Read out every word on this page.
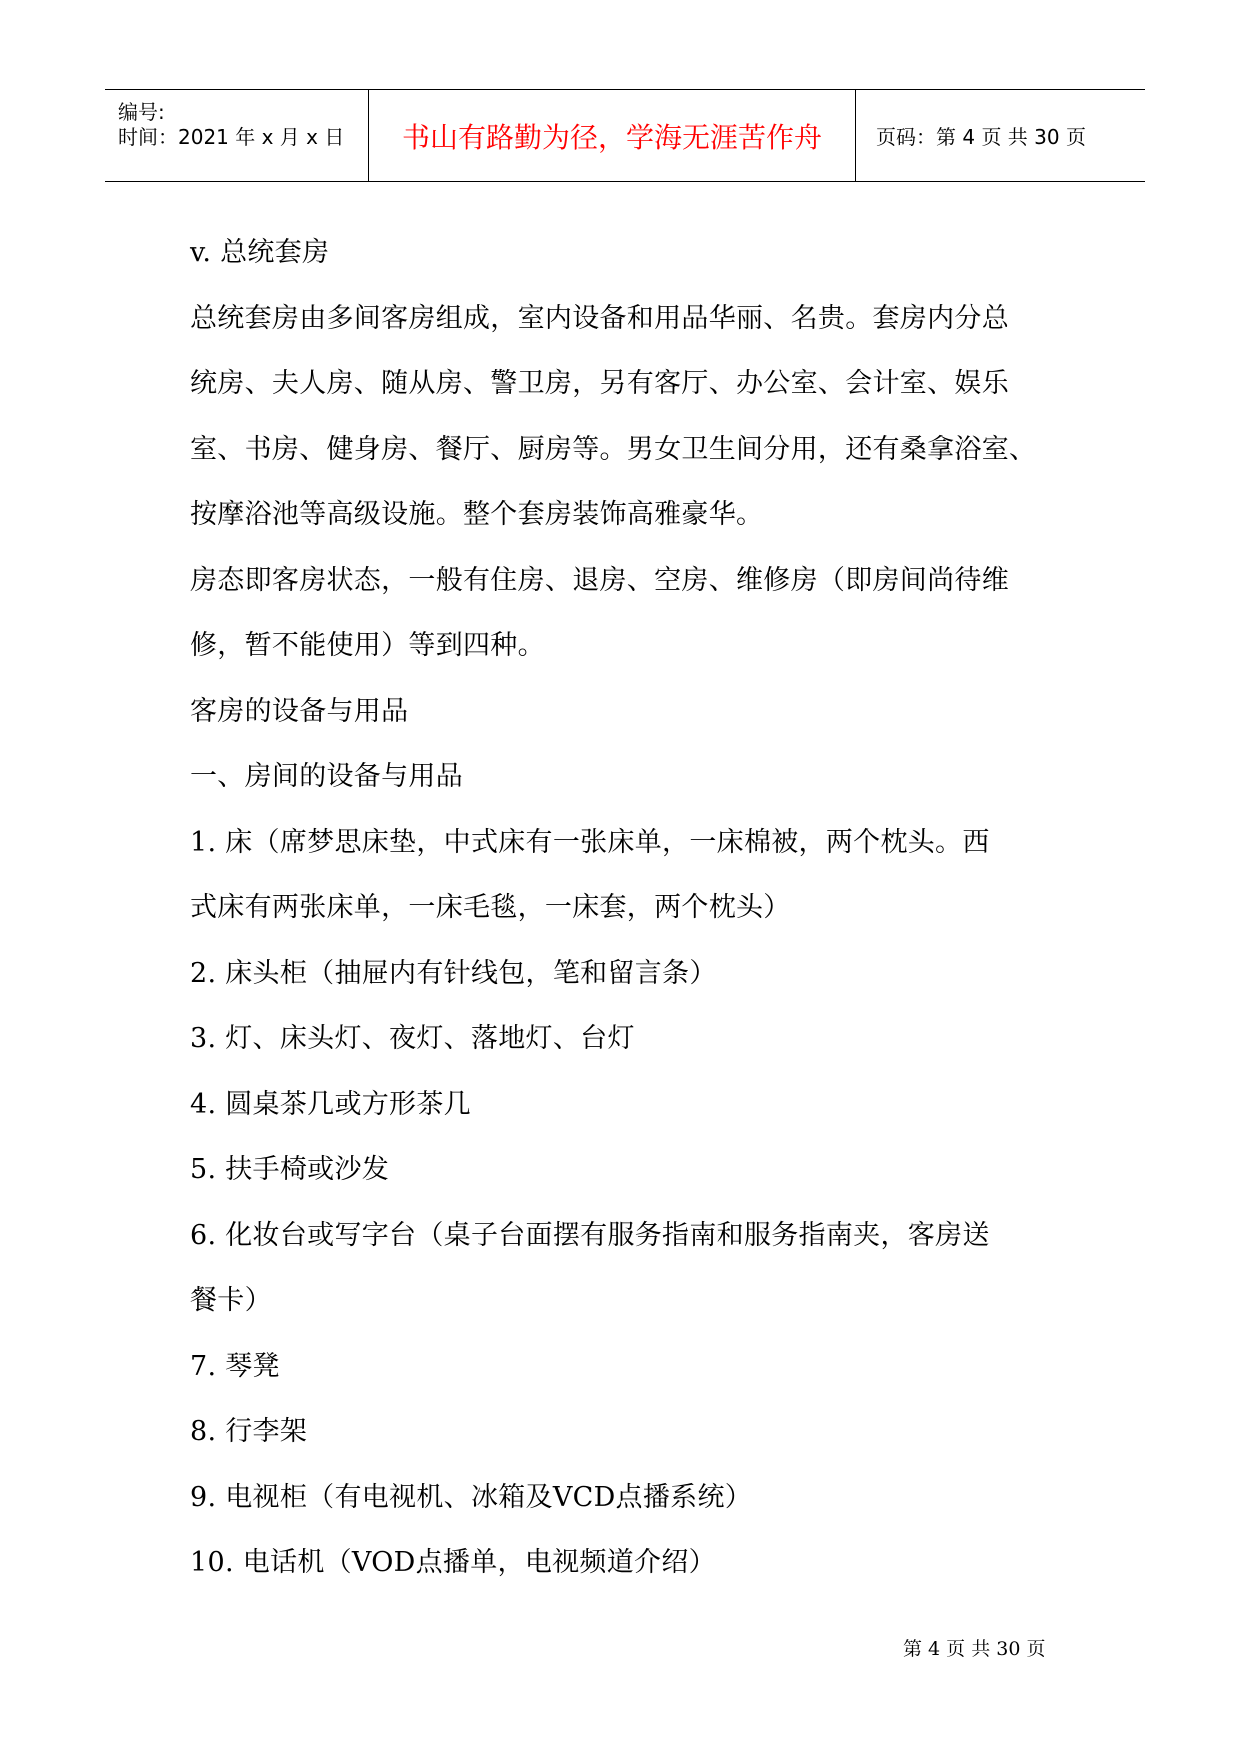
编号:
时间：2021 年 x 月 x 日	书山有路勤为径，学海无涯苦作舟	页码：第 4 页 共 30 页
v. 总统套房
总统套房由多间客房组成，室内设备和用品华丽、名贵。套房内分总
统房、夫人房、随从房、警卫房，另有客厅、办公室、会计室、娱乐
室、书房、健身房、餐厅、厨房等。男女卫生间分用，还有桑拿浴室、
按摩浴池等高级设施。整个套房装饰高雅豪华。
房态即客房状态，一般有住房、退房、空房、维修房（即房间尚待维
修，暂不能使用）等到四种。
客房的设备与用品
一、房间的设备与用品
1. 床（席梦思床垫，中式床有一张床单，一床棉被，两个枕头。西
式床有两张床单，一床毛毯，一床套，两个枕头）
2. 床头柜（抽屉内有针线包，笔和留言条）
3. 灯、床头灯、夜灯、落地灯、台灯
4. 圆桌茶几或方形茶几
5. 扶手椅或沙发
6. 化妆台或写字台（桌子台面摆有服务指南和服务指南夹，客房送
餐卡）
7. 琴凳
8. 行李架
9. 电视柜（有电视机、冰箱及VCD点播系统）
10. 电话机（VOD点播单，电视频道介绍）
第 4 页 共 30 页
